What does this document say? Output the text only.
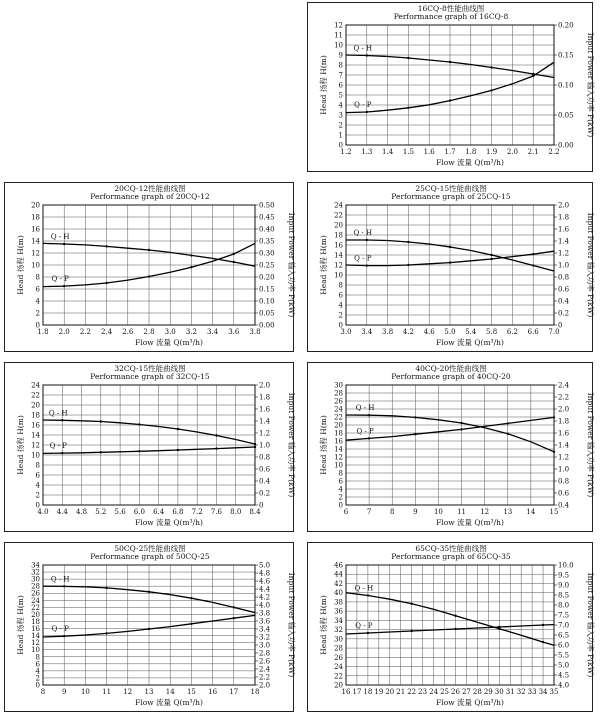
16CQ-8性能曲线图
Performance graph of 16CQ-8
1.2 1.3 1.4 1.5 1.6 1.7 1.8 1.9 2.0 2.1 2.2
0
1
2
3
4
5
6
7
8
9
10
11
12
0.00
0.05
0.10
0.15
0.20
Flow 流量 Q(m³/h)
Head 扬程 H(m)	Input Power 输入功率 P(kW)
Q - H
Q - P
20CQ-12性能曲线图
Performance graph of 20CQ-12
1.8 2.0 2.2 2.4 2.6 2.8 3.0 3.2 3.4 3.6 3.8
0
2
4
6
8
10
12
14
16
18
20
0.00
0.05
0.10
0.15
0.20
0.25
0.30
0.35
0.40
0.45
0.50
Flow 流量 Q(m³/h)
Head 扬程 H(m)	Input Power 输入功率 P(kW)
Q - H
Q - P
25CQ-15性能曲线图
Performance graph of 25CQ-15
3.0 3.4 3.8 4.2 4.6 5.0 5.4 5.8 6.2 6.6 7.0
0
2
4
6
8
10
12
14
16
18
20
22
24
0
0.2
0.4
0.6
0.8
1.0
1.2
1.4
1.6
1.8
2.0
Flow 流量 Q(m³/h)
Head 扬程 H(m)	Input Power 输入功率 P(kW)
Q - H
Q - P
32CQ-15性能曲线图
Performance graph of 32CQ-15
4.0 4.4 4.8 5.2 5.6 6.0 6.4 6.8 7.2 7.6 8.0 8.4
0
2
4
6
8
10
12
14
16
18
20
22
24
0
0.2
0.4
0.6
0.8
1.0
1.2
1.4
1.6
1.8
2.0
Flow 流量 Q(m³/h)
Head 扬程 H(m)	Input Power 输入功率 P(kW)
Q - H
Q - P
40CQ-20性能曲线图
Performance graph of 40CQ-20
6	7	8	9 10 11 12 13 14 15
0
2
4
6
8
10
12
14
16
18
20
22
24
26
28
30
0.4
0.6
0.8
1.0
1.2
1.4
1.6
1.8
2.0
2.2
2.4
Flow 流量 Q(m³/h)
Head 扬程 H(m)	Input Power 输入功率 P(kW)
Q - H
Q - P
50CQ-25性能曲线图
Performance graph of 50CQ-25
8 9 10 11 12 13 14 15 16 17 18
0
2
4
6
8
10
12
14
16
18
20
22
24
26
28
30
32
34
2.0
2.2
2.4
2.6
2.8
3.0
3.2
3.4
3.6
3.8
4.0
4.2
4.4
4.6
4.8
5.0
Flow 流量 Q(m³/h)
Head 扬程 H(m)	Input Power 输入功率 P(kW)
Q - H
Q - P
65CQ-35性能曲线图
Performance graph of 65CQ-35
16 17 18 19 20 21 22 23 24 25 26 27 28 29 30 31 32 33 34 35
20
22
24
26
28
30
32
34
36
38
40
42
44
46
4.0
4.5
5.0
5.5
6.0
6.5
7.0
7.5
8.0
8.5
9.0
9.5
10.0
Flow 流量 Q(m³/h)
Head 扬程 H(m)	Input Power 输入功率 P(kW)
Q - H
Q - P
